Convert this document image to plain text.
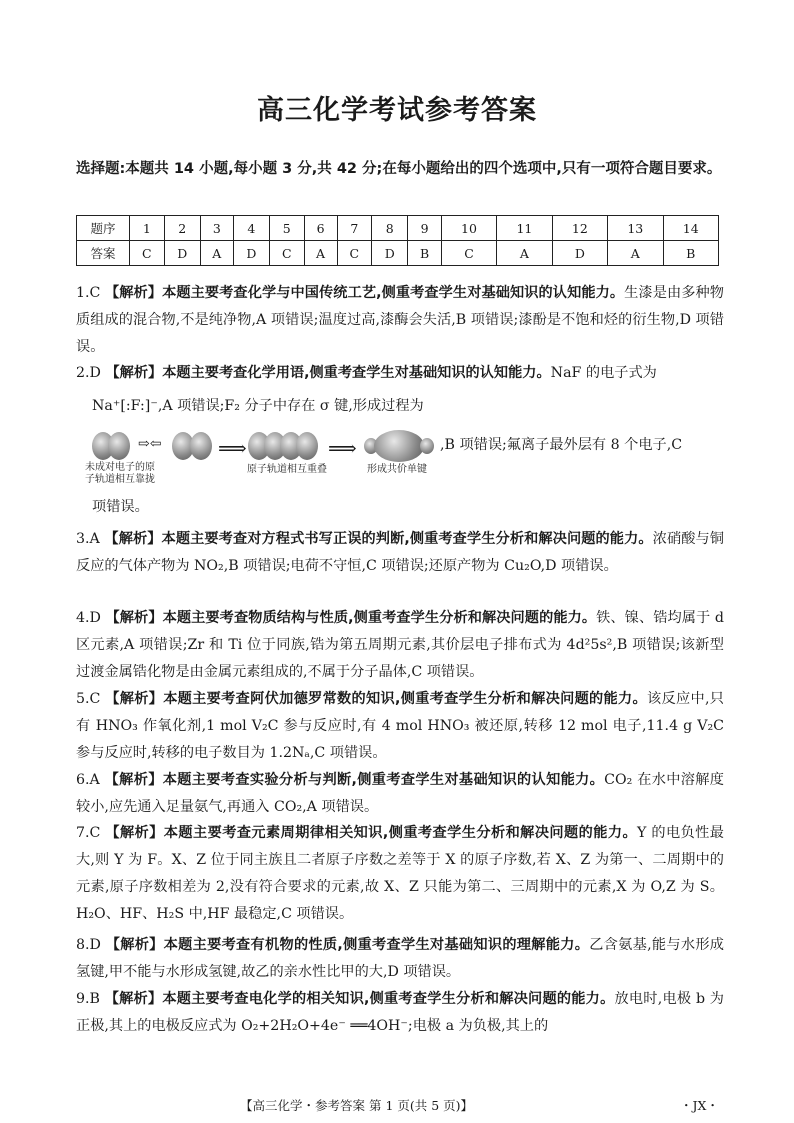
高三化学考试参考答案
选择题:本题共 14 小题,每小题 3 分,共 42 分;在每小题给出的四个选项中,只有一项符合题目要求。
题序	1	2	3	4	5	6	7	8	9	10	11	12	13	14
答案	C	D	A	D	C	A	C	D	B	C	A	D	A	B

1.C 【解析】本题主要考查化学与中国传统工艺,侧重考查学生对基础知识的认知能力。生漆是由多种物质组成的混合物,不是纯净物,A 项错误;温度过高,漆酶会失活,B 项错误;漆酚是不饱和烃的衍生物,D 项错误。

2.D 【解析】本题主要考查化学用语,侧重考查学生对基础知识的认知能力。NaF 的电子式为

Na⁺[:F:]⁻,A 项错误;F₂ 分子中存在 σ 键,形成过程为

⇨⇦	⟹	⟹
未成对电子的原子轨道相互靠拢
原子轨道相互重叠	形成共价单键
,B 项错误;氟离子最外层有 8 个电子,C

项错误。

3.A 【解析】本题主要考查对方程式书写正误的判断,侧重考查学生分析和解决问题的能力。浓硝酸与铜反应的气体产物为 NO₂,B 项错误;电荷不守恒,C 项错误;还原产物为 Cu₂O,D 项错误。

4.D 【解析】本题主要考查物质结构与性质,侧重考查学生分析和解决问题的能力。铁、镍、锆均属于 d 区元素,A 项错误;Zr 和 Ti 位于同族,锆为第五周期元素,其价层电子排布式为 4d²5s²,B 项错误;该新型过渡金属锆化物是由金属元素组成的,不属于分子晶体,C 项错误。

5.C 【解析】本题主要考查阿伏加德罗常数的知识,侧重考查学生分析和解决问题的能力。该反应中,只有 HNO₃ 作氧化剂,1 mol V₂C 参与反应时,有 4 mol HNO₃ 被还原,转移 12 mol 电子,11.4 g V₂C 参与反应时,转移的电子数目为 1.2Nₐ,C 项错误。

6.A 【解析】本题主要考查实验分析与判断,侧重考查学生对基础知识的认知能力。CO₂ 在水中溶解度较小,应先通入足量氨气,再通入 CO₂,A 项错误。

7.C 【解析】本题主要考查元素周期律相关知识,侧重考查学生分析和解决问题的能力。Y 的电负性最大,则 Y 为 F。X、Z 位于同主族且二者原子序数之差等于 X 的原子序数,若 X、Z 为第一、二周期中的元素,原子序数相差为 2,没有符合要求的元素,故 X、Z 只能为第二、三周期中的元素,X 为 O,Z 为 S。H₂O、HF、H₂S 中,HF 最稳定,C 项错误。

8.D 【解析】本题主要考查有机物的性质,侧重考查学生对基础知识的理解能力。乙含氨基,能与水形成氢键,甲不能与水形成氢键,故乙的亲水性比甲的大,D 项错误。

9.B 【解析】本题主要考查电化学的相关知识,侧重考查学生分析和解决问题的能力。放电时,电极 b 为正极,其上的电极反应式为 O₂+2H₂O+4e⁻ ══4OH⁻;电极 a 为负极,其上的

【高三化学・参考答案 第 1 页(共 5 页)】	・JX・
